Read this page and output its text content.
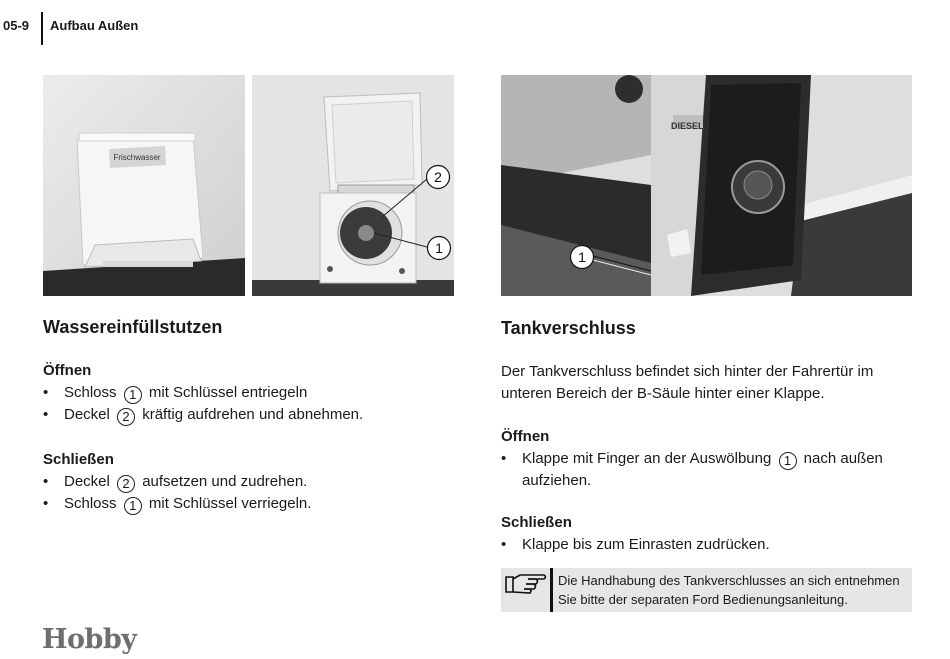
05-9 Aufbau Außen
Frischwasser
2
1
DIESEL
1
Wassereinfüllstutzen
Öffnen
• Schloss 1 mit Schlüssel entriegeln
• Deckel 2 kräftig aufdrehen und abnehmen.
Schließen
• Deckel 2 aufsetzen und zudrehen.
• Schloss 1 mit Schlüssel verriegeln.
Tankverschluss
Der Tankverschluss befindet sich hinter der Fahrertür im
unteren Bereich der B-Säule hinter einer Klappe.
Öffnen
• Klappe mit Finger an der Auswölbung 1 nach außen
aufziehen.
Schließen
• Klappe bis zum Einrasten zudrücken.
Die Handhabung des Tankverschlusses an sich entnehmen
Sie bitte der separaten Ford Bedienungsanleitung.
Hobby
